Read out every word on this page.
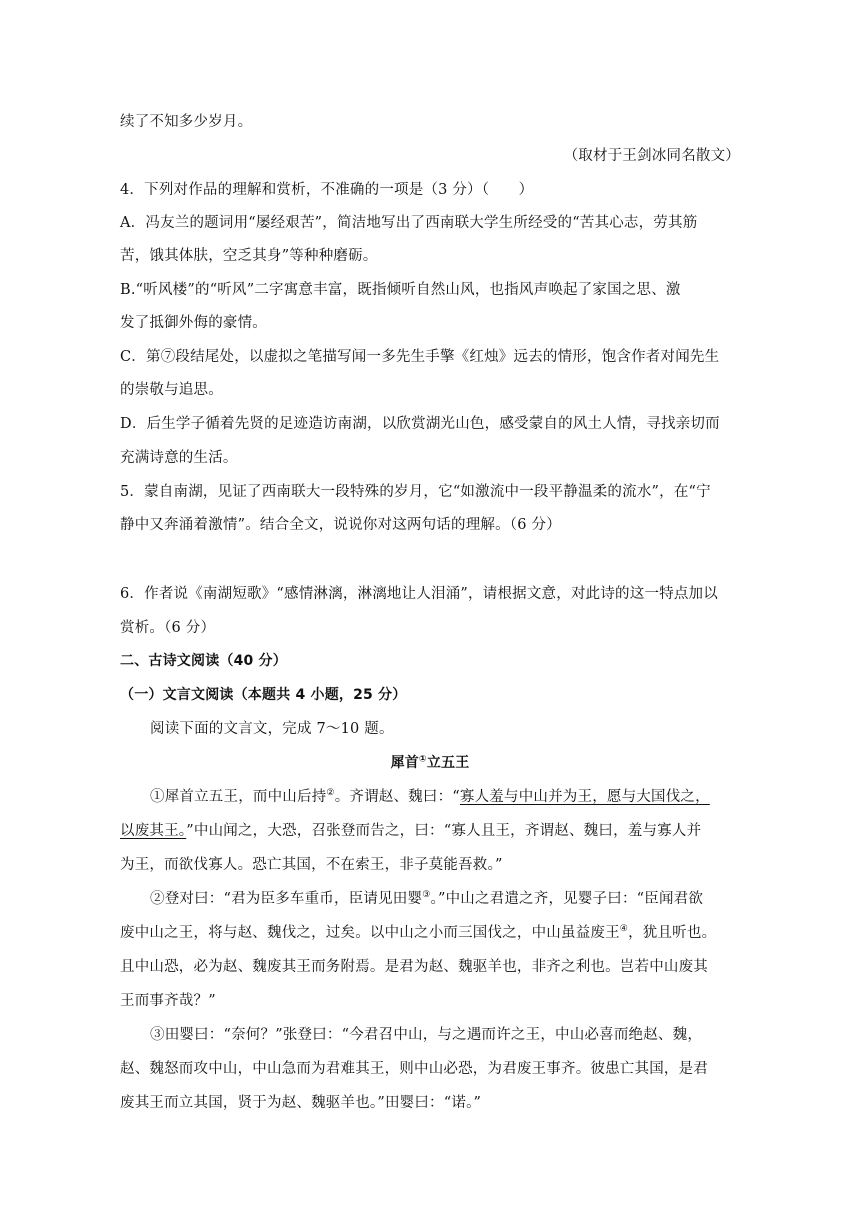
续了不知多少岁月。
（取材于王剑冰同名散文）
4．下列对作品的理解和赏析，不准确的一项是（3 分）（　　）
A．冯友兰的题词用“屡经艰苦”，简洁地写出了西南联大学生所经受的“苦其心志，劳其筋
苦，饿其体肤，空乏其身”等种种磨砺。
B.“听风楼”的“听风”二字寓意丰富，既指倾听自然山风，也指风声唤起了家国之思、激
发了抵御外侮的豪情。
C．第⑦段结尾处，以虚拟之笔描写闻一多先生手擎《红烛》远去的情形，饱含作者对闻先生
的崇敬与追思。
D．后生学子循着先贤的足迹造访南湖，以欣赏湖光山色，感受蒙自的风土人情，寻找亲切而
充满诗意的生活。
5．蒙自南湖，见证了西南联大一段特殊的岁月，它“如激流中一段平静温柔的流水”，在“宁
静中又奔涌着激情”。结合全文，说说你对这两句话的理解。（6 分）
6．作者说《南湖短歌》“感情淋漓，淋漓地让人泪涌”，请根据文意，对此诗的这一特点加以
赏析。（6 分）
二、古诗文阅读（40 分）
（一）文言文阅读（本题共 4 小题，25 分）
阅读下面的文言文，完成 7～10 题。
犀首①立五王
①犀首立五王，而中山后持②。齐谓赵、魏曰：“寡人羞与中山并为王，愿与大国伐之，
以废其王。”中山闻之，大恐，召张登而告之，曰：“寡人且王，齐谓赵、魏曰，羞与寡人并
为王，而欲伐寡人。恐亡其国，不在索王，非子莫能吾救。”
②登对曰：“君为臣多车重币，臣请见田婴③。”中山之君遣之齐，见婴子曰：“臣闻君欲
废中山之王，将与赵、魏伐之，过矣。以中山之小而三国伐之，中山虽益废王④，犹且听也。
且中山恐，必为赵、魏废其王而务附焉。是君为赵、魏驱羊也，非齐之利也。岂若中山废其
王而事齐哉？”
③田婴曰：“奈何？”张登曰：“今君召中山，与之遇而许之王，中山必喜而绝赵、魏，
赵、魏怒而攻中山，中山急而为君难其王，则中山必恐，为君废王事齐。彼患亡其国，是君
废其王而立其国，贤于为赵、魏驱羊也。”田婴曰：“诺。”
